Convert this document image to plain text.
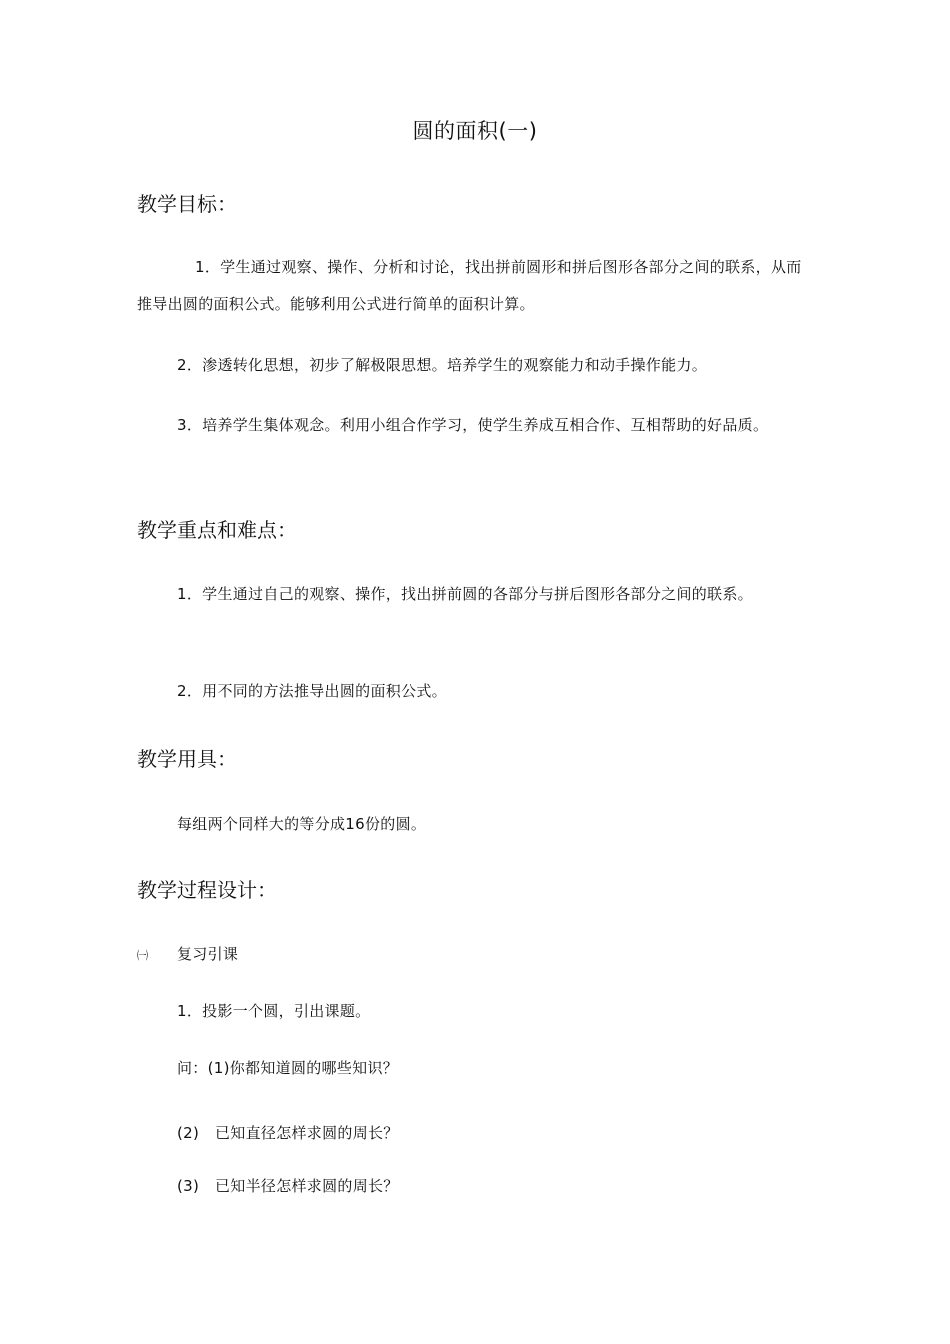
圆的面积(一)
教学目标：
1．学生通过观察、操作、分析和讨论，找出拼前圆形和拼后图形各部分之间的联系，从而推导出圆的面积公式。能够利用公式进行简单的面积计算。
2．渗透转化思想，初步了解极限思想。培养学生的观察能力和动手操作能力。
3．培养学生集体观念。利用小组合作学习，使学生养成互相合作、互相帮助的好品质。
教学重点和难点：
1．学生通过自己的观察、操作，找出拼前圆的各部分与拼后图形各部分之间的联系。
2．用不同的方法推导出圆的面积公式。
教学用具：
每组两个同样大的等分成16份的圆。
教学过程设计：
㈠ 复习引课
1．投影一个圆，引出课题。
问：(1)你都知道圆的哪些知识？
(2) 已知直径怎样求圆的周长？
(3) 已知半径怎样求圆的周长？
